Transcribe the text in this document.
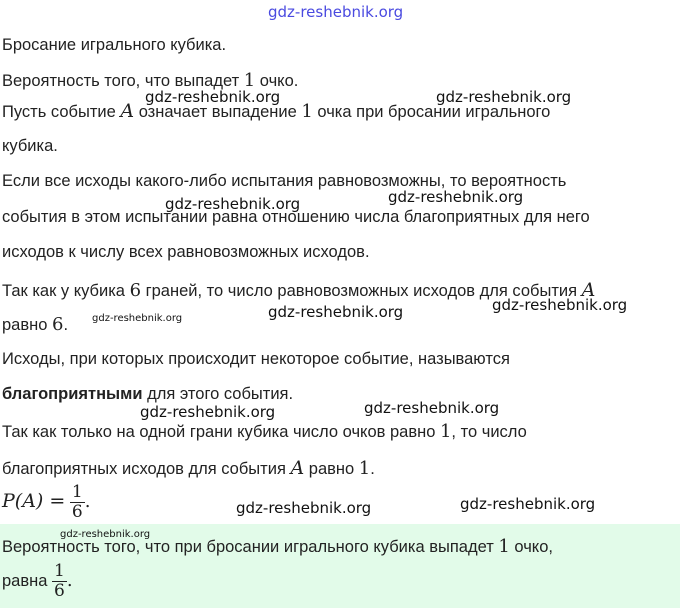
Бросание игрального кубика.
Вероятность того, что выпадет 1 очко.
Пусть событие A означает выпадение 1 очка при бросании игрального
кубика.
Если все исходы какого-либо испытания равновозможны, то вероятность
события в этом испытании равна отношению числа благоприятных для него
исходов к числу всех равновозможных исходов.
Так как у кубика 6 граней, то число равновозможных исходов для события A
равно 6.
Исходы, при которых происходит некоторое событие, называются
благоприятными для этого события.
Так как только на одной грани кубика число очков равно 1, то число
благоприятных исходов для события A равно 1.
$P(A) = \frac{1}{6}$ .
Вероятность того, что при бросании игрального кубика выпадет 1 очко,
равна $\frac{1}{6}$ .
gdz-reshebnik.org
gdz-reshebnik.org	gdz-reshebnik.org
gdz-reshebnik.org
gdz-reshebnik.org
gdz-reshebnik.org
gdz-reshebnik.org
gdz-reshebnik.org
gdz-reshebnik.org
gdz-reshebnik.org
gdz-reshebnik.org
gdz-reshebnik.org
gdz-reshebnik.org
